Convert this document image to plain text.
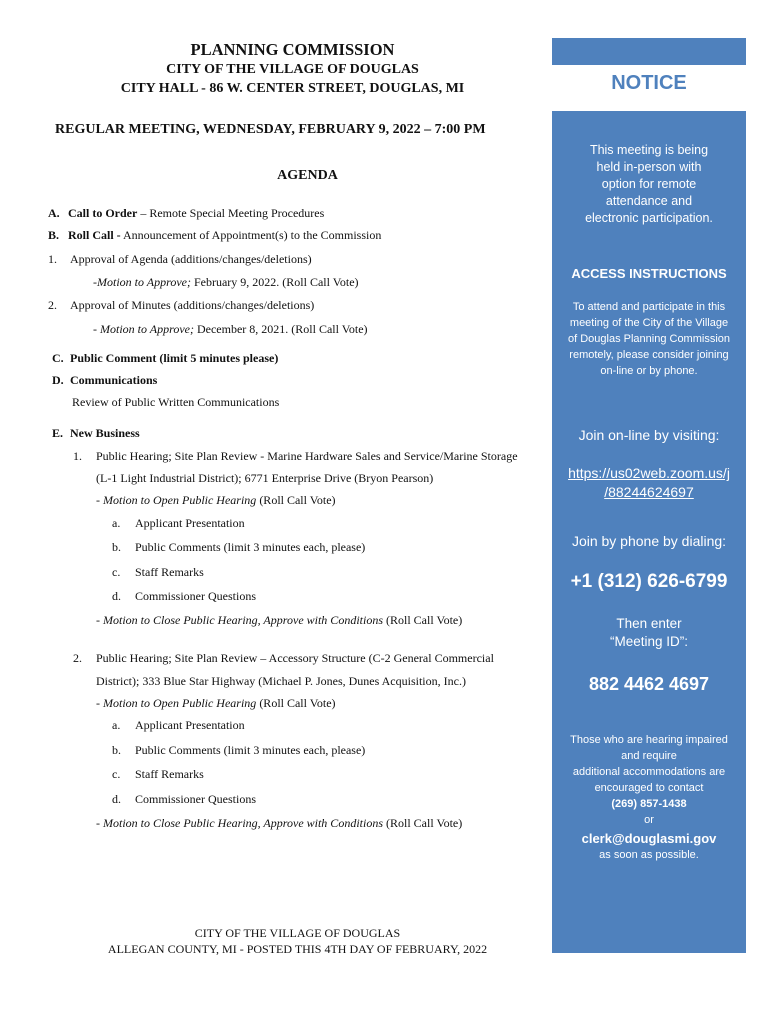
PLANNING COMMISSION
CITY OF THE VILLAGE OF DOUGLAS
CITY HALL - 86 W. CENTER STREET, DOUGLAS, MI
REGULAR MEETING, WEDNESDAY, FEBRUARY 9, 2022 – 7:00 PM
AGENDA
A. Call to Order – Remote Special Meeting Procedures
B. Roll Call - Announcement of Appointment(s) to the Commission
1. Approval of Agenda (additions/changes/deletions)
-Motion to Approve; February 9, 2022. (Roll Call Vote)
2. Approval of Minutes (additions/changes/deletions)
- Motion to Approve; December 8, 2021. (Roll Call Vote)
C. Public Comment (limit 5 minutes please)
D. Communications
Review of Public Written Communications
E. New Business
1. Public Hearing; Site Plan Review - Marine Hardware Sales and Service/Marine Storage
(L-1 Light Industrial District); 6771 Enterprise Drive (Bryon Pearson)
- Motion to Open Public Hearing (Roll Call Vote)
a. Applicant Presentation
b. Public Comments (limit 3 minutes each, please)
c. Staff Remarks
d. Commissioner Questions
- Motion to Close Public Hearing, Approve with Conditions (Roll Call Vote)
2. Public Hearing; Site Plan Review – Accessory Structure (C-2 General Commercial
District); 333 Blue Star Highway (Michael P. Jones, Dunes Acquisition, Inc.)
- Motion to Open Public Hearing (Roll Call Vote)
a. Applicant Presentation
b. Public Comments (limit 3 minutes each, please)
c. Staff Remarks
d. Commissioner Questions
- Motion to Close Public Hearing, Approve with Conditions (Roll Call Vote)
CITY OF THE VILLAGE OF DOUGLAS
ALLEGAN COUNTY, MI - POSTED THIS 4TH DAY OF FEBRUARY, 2022
NOTICE
This meeting is being
held in-person with
option for remote
attendance and
electronic participation.
ACCESS INSTRUCTIONS
To attend and participate in this
meeting of the City of the Village
of Douglas Planning Commission
remotely, please consider joining
on-line or by phone.
Join on-line by visiting:
https://us02web.zoom.us/j
/88244624697
Join by phone by dialing:
+1 (312) 626-6799
Then enter
“Meeting ID”:
882 4462 4697
Those who are hearing impaired
and require
additional accommodations are
encouraged to contact
(269) 857-1438
or
clerk@douglasmi.gov
as soon as possible.
